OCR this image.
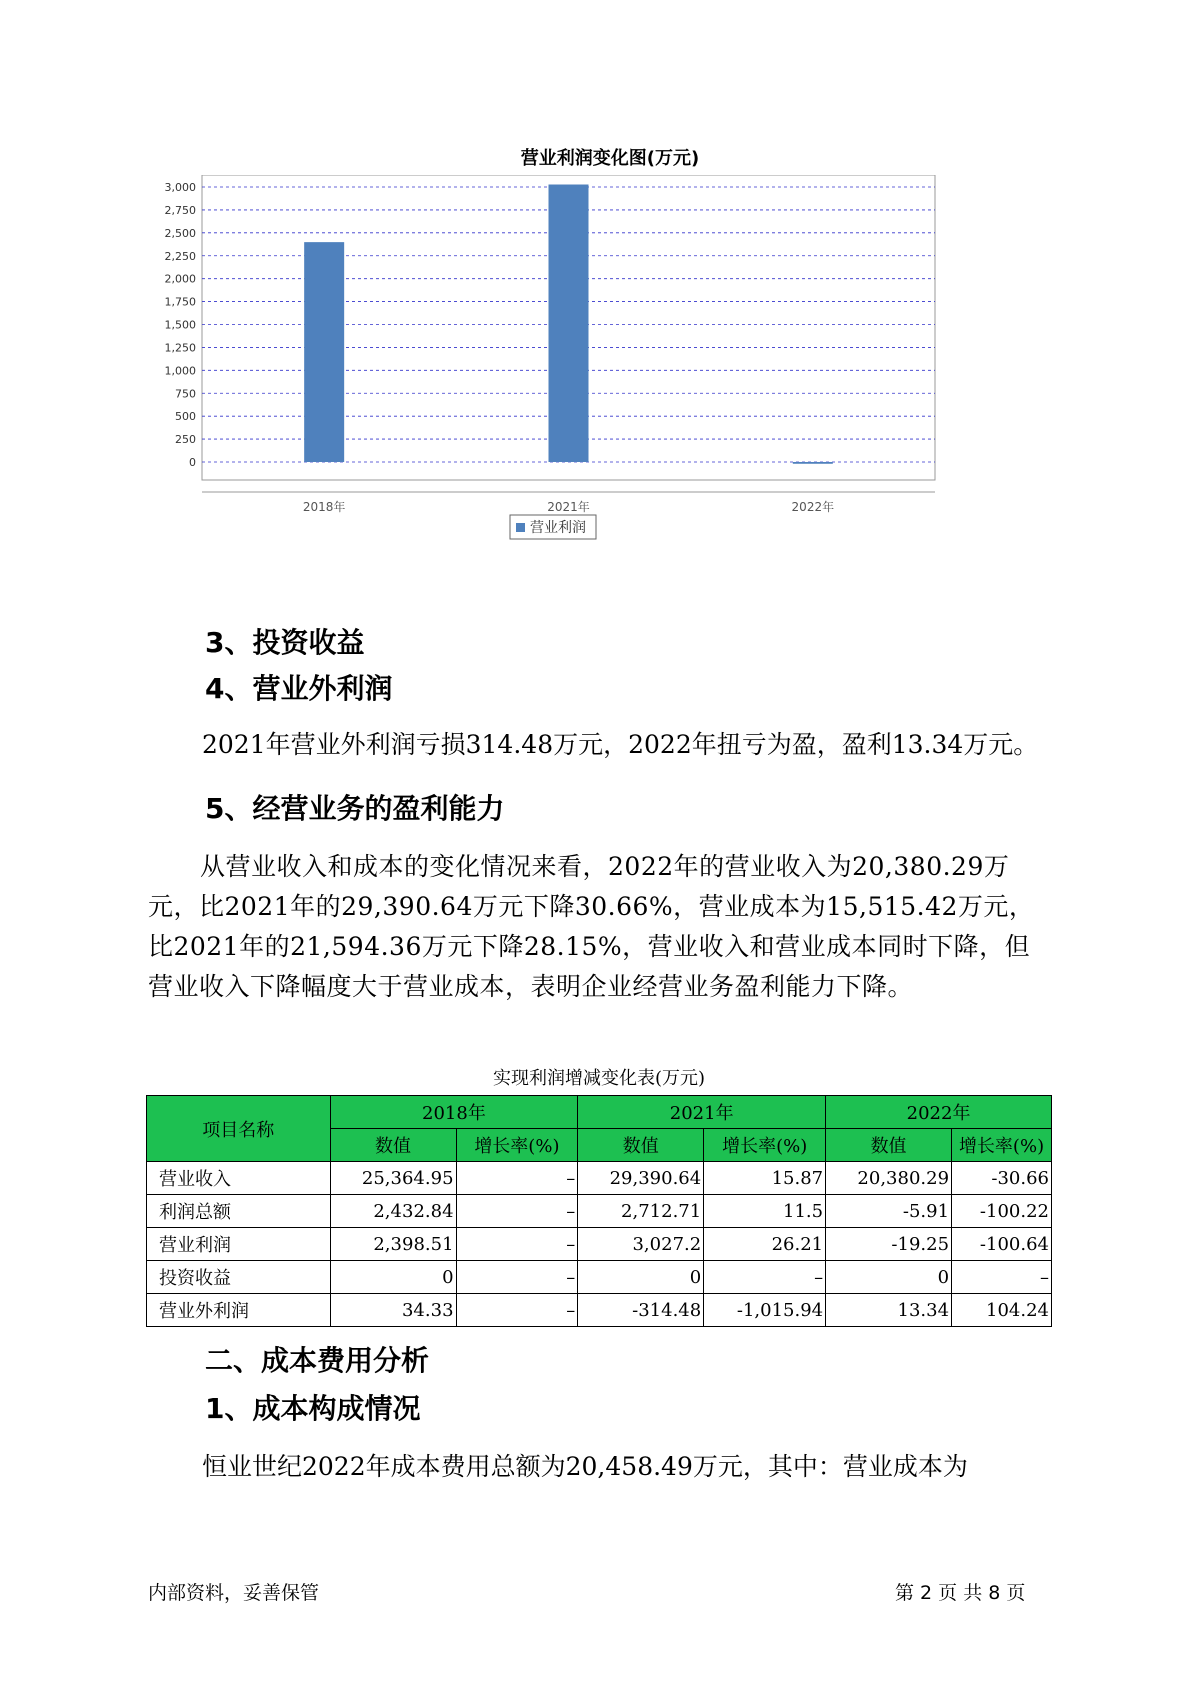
营业利润变化图(万元)
0
250
500
750
1,000
1,250
1,500
1,750
2,000
2,250
2,500
2,750
3,000
2018年	2021年	2022年
营业利润
3、投资收益
4、营业外利润
2021年营业外利润亏损314.48万元，2022年扭亏为盈，盈利13.34万元。
5、经营业务的盈利能力

从营业收入和成本的变化情况来看，2022年的营业收入为20,380.29万元，比2021年的29,390.64万元下降30.66%，营业成本为15,515.42万元，比2021年的21,594.36万元下降28.15%，营业收入和营业成本同时下降，但营业收入下降幅度大于营业成本，表明企业经营业务盈利能力下降。

实现利润增减变化表(万元)
项目名称	2018年		2021年		2022年	
	数值	增长率(%)	数值	增长率(%)	数值	增长率(%)
营业收入	25,364.95	–	29,390.64	15.87	20,380.29	-30.66
利润总额	2,432.84	–	2,712.71	11.5	-5.91	-100.22
营业利润	2,398.51	–	3,027.2	26.21	-19.25	-100.64
投资收益	0	–	0	–	0	–
营业外利润	34.33	–	-314.48	-1,015.94	13.34	104.24
二、成本费用分析
1、成本构成情况
恒业世纪2022年成本费用总额为20,458.49万元，其中：营业成本为
内部资料，妥善保管	第 2 页 共 8 页
